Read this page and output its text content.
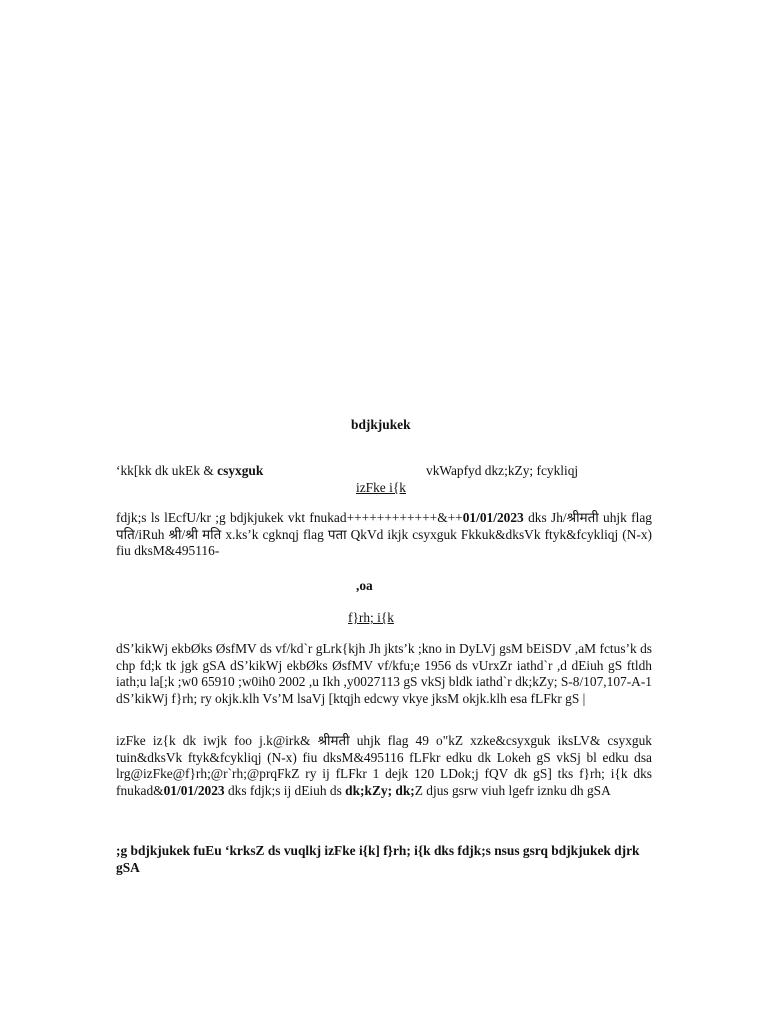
bdjkjukek
‘kk[kk dk ukEk & csyxguk	vkWapfyd dkz;kZy; fcykliqj
izFke i{k
fdjk;s ls lEcfU/kr ;g bdjkjukek vkt fnukad++++++++++++&++01/01/2023 dks Jh/श्रीमती uhjk flag पति/iRuh श्री/श्री मति x.ks’k cgknqj flag पता QkVd ikjk csyxguk Fkkuk&dksVk ftyk&fcykliqj (N-x) fiu dksM&495116-
,oa
f}rh; i{k
dS’kikWj ekbØks ØsfMV ds vf/kd`r gLrk{kjh Jh jkts’k ;kno in DyLVj gsM bEiSDV ,aM fctus’k ds chp fd;k tk jgk gSA dS’kikWj ekbØks ØsfMV vf/kfu;e 1956 ds vUrxZr iathd`r ,d dEiuh gS ftldh iath;u la[;k ;w0 65910 ;w0ih0 2002 ,u Ikh ,y0027113 gS vkSj bldk iathd`r dk;kZy; S-8/107,107-A-1 dS’kikWj f}rh; ry okjk.klh Vs’M lsaVj [ktqjh edcwy vkye jksM okjk.klh esa fLFkr gS |
izFke iz{k dk iwjk foo j.k@irk& श्रीमती uhjk flag 49 o"kZ xzke&csyxguk iksLV& csyxguk tuin&dksVk ftyk&fcykliqj (N-x) fiu dksM&495116 fLFkr edku dk Lokeh gS vkSj bl edku dsa lrg@izFke@f}rh;@r`rh;@prqFkZ ry ij fLFkr 1 dejk 120 LDok;j fQV dk gS] tks f}rh; i{k dks fnukad&01/01/2023 dks fdjk;s ij dEiuh ds dk;kZy; dk;Z djus gsrw viuh lgefr iznku dh gSA
;g bdjkjukek fuEu ‘krksZ ds vuqlkj izFke i{k] f}rh; i{k dks fdjk;s nsus gsrq bdjkjukek djrk gSA
